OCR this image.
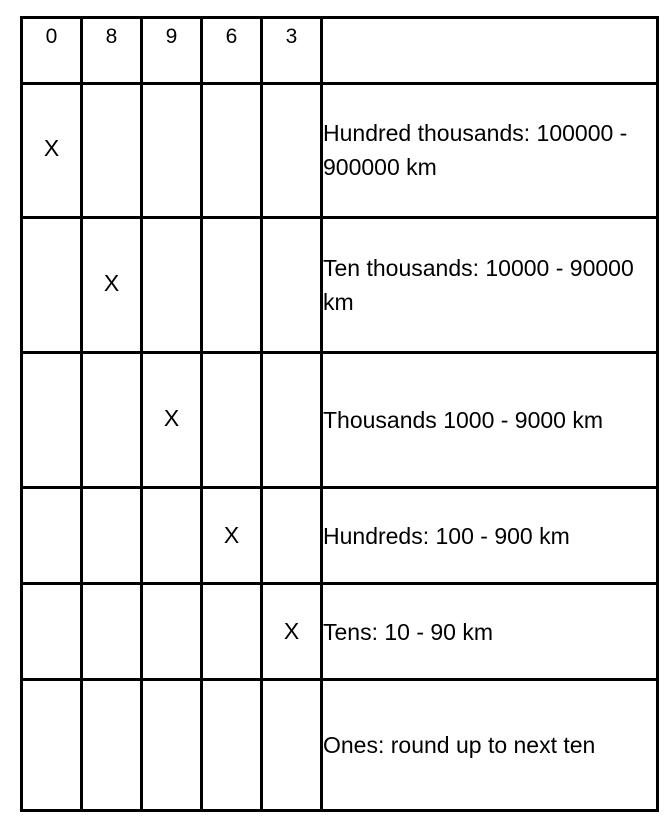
0	8	9	6	3	
X					Hundred thousands: 100000 - 900000 km
	X				Ten thousands: 10000 - 90000 km
		X			Thousands 1000 - 9000 km
			X		Hundreds: 100 - 900 km
				X	Tens: 10 - 90 km
					Ones: round up to next ten
